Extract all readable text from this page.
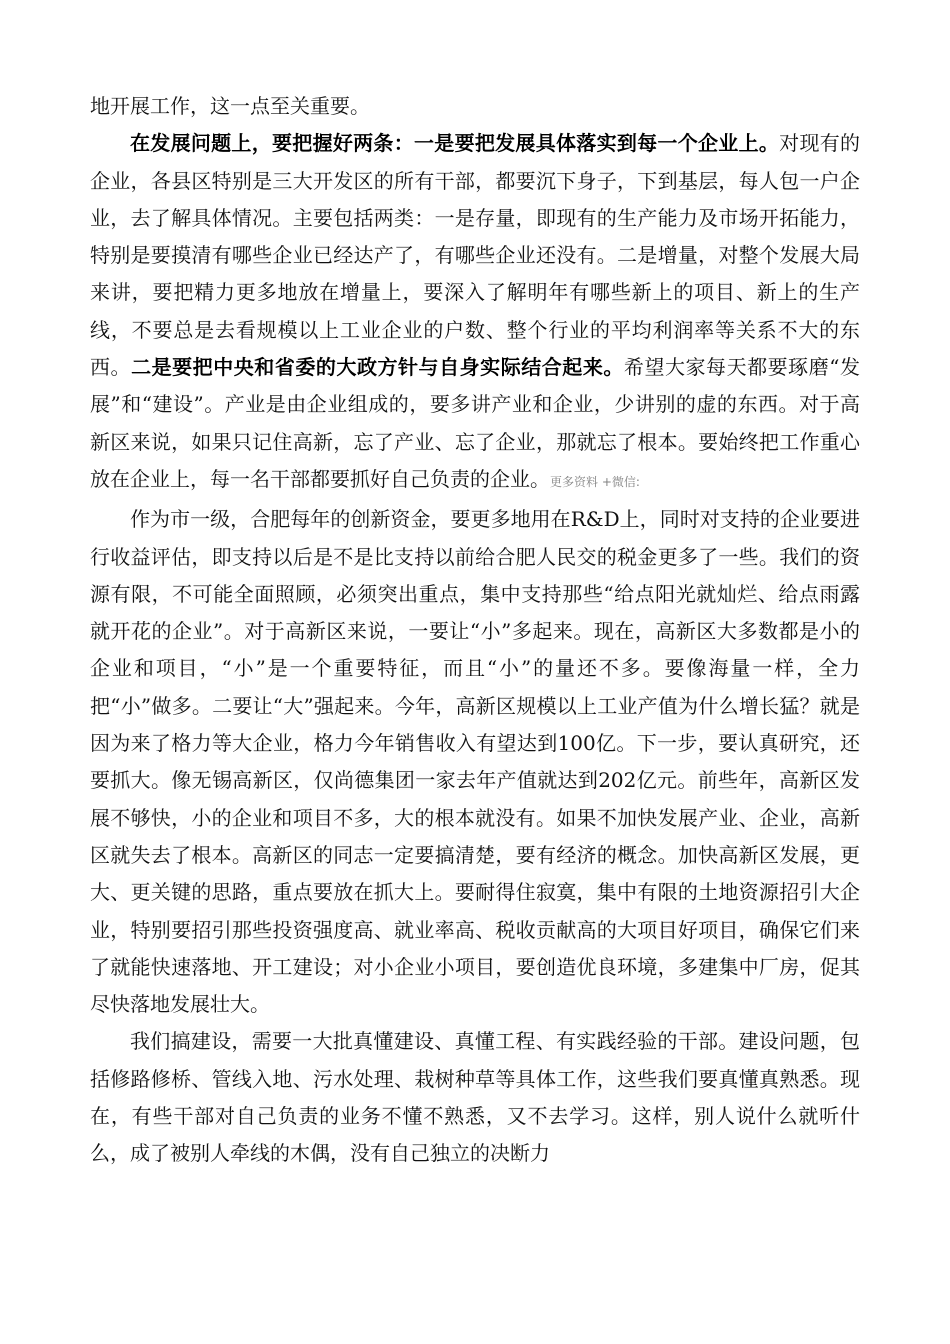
地开展工作，这一点至关重要。

在发展问题上，要把握好两条：一是要把发展具体落实到每一个企业上。对现有的企业，各县区特别是三大开发区的所有干部，都要沉下身子，下到基层，每人包一户企业，去了解具体情况。主要包括两类：一是存量，即现有的生产能力及市场开拓能力，特别是要摸清有哪些企业已经达产了，有哪些企业还没有。二是增量，对整个发展大局来讲，要把精力更多地放在增量上，要深入了解明年有哪些新上的项目、新上的生产线，不要总是去看规模以上工业企业的户数、整个行业的平均利润率等关系不大的东西。二是要把中央和省委的大政方针与自身实际结合起来。希望大家每天都要琢磨“发展”和“建设”。产业是由企业组成的，要多讲产业和企业，少讲别的虚的东西。对于高新区来说，如果只记住高新，忘了产业、忘了企业，那就忘了根本。要始终把工作重心放在企业上，每一名干部都要抓好自己负责的企业。更多资料 +微信:

作为市一级，合肥每年的创新资金，要更多地用在R&D上，同时对支持的企业要进行收益评估，即支持以后是不是比支持以前给合肥人民交的税金更多了一些。我们的资源有限，不可能全面照顾，必须突出重点，集中支持那些“给点阳光就灿烂、给点雨露就开花的企业”。对于高新区来说，一要让“小”多起来。现在，高新区大多数都是小的企业和项目，“小”是一个重要特征，而且“小”的量还不多。要像海量一样，全力把“小”做多。二要让“大”强起来。今年，高新区规模以上工业产值为什么增长猛？就是因为来了格力等大企业，格力今年销售收入有望达到100亿。下一步，要认真研究，还要抓大。像无锡高新区，仅尚德集团一家去年产值就达到202亿元。前些年，高新区发展不够快，小的企业和项目不多，大的根本就没有。如果不加快发展产业、企业，高新区就失去了根本。高新区的同志一定要搞清楚，要有经济的概念。加快高新区发展，更大、更关键的思路，重点要放在抓大上。要耐得住寂寞，集中有限的土地资源招引大企业，特别要招引那些投资强度高、就业率高、税收贡献高的大项目好项目，确保它们来了就能快速落地、开工建设；对小企业小项目，要创造优良环境，多建集中厂房，促其尽快落地发展壮大。

我们搞建设，需要一大批真懂建设、真懂工程、有实践经验的干部。建设问题，包括修路修桥、管线入地、污水处理、栽树种草等具体工作，这些我们要真懂真熟悉。现在，有些干部对自己负责的业务不懂不熟悉，又不去学习。这样，别人说什么就听什么，成了被别人牵线的木偶，没有自己独立的决断力
